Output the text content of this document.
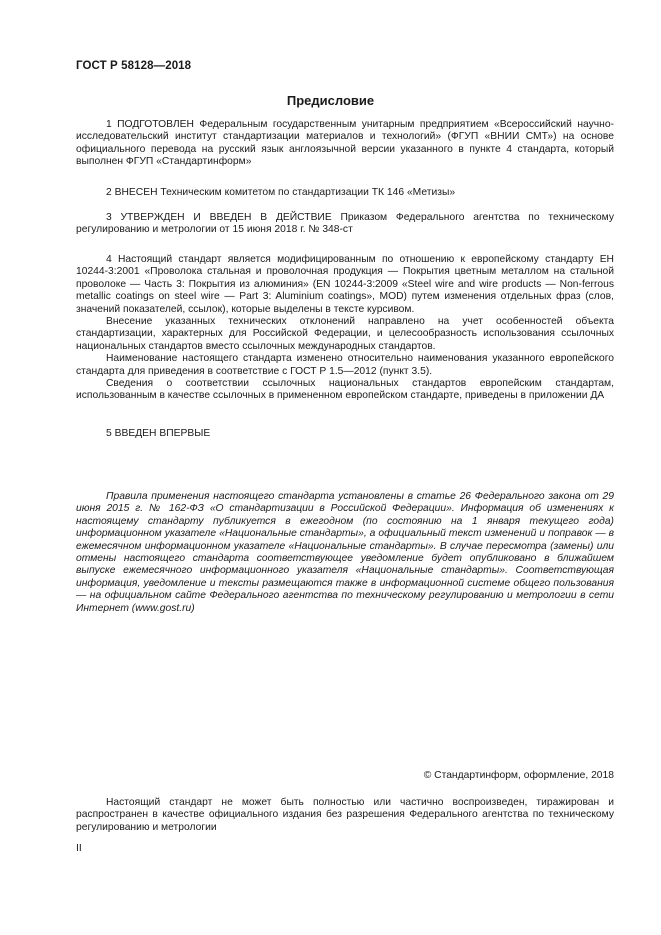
ГОСТ Р 58128—2018
Предисловие

1 ПОДГОТОВЛЕН Федеральным государственным унитарным предприятием «Всероссийский научно-исследовательский институт стандартизации материалов и технологий» (ФГУП «ВНИИ СМТ») на основе официального перевода на русский язык англоязычной версии указанного в пункте 4 стандарта, который выполнен ФГУП «Стандартинформ»

2 ВНЕСЕН Техническим комитетом по стандартизации ТК 146 «Метизы»

3 УТВЕРЖДЕН И ВВЕДЕН В ДЕЙСТВИЕ Приказом Федерального агентства по техническому регулированию и метрологии от 15 июня 2018 г. № 348-ст

4 Настоящий стандарт является модифицированным по отношению к европейскому стандарту ЕН 10244-3:2001 «Проволока стальная и проволочная продукция — Покрытия цветным металлом на стальной проволоке — Часть 3: Покрытия из алюминия» (EN 10244-3:2009 «Steel wire and wire products — Non-ferrous metallic coatings on steel wire — Part 3: Aluminium coatings», MOD) путем изменения отдельных фраз (слов, значений показателей, ссылок), которые выделены в тексте курсивом.

Внесение указанных технических отклонений направлено на учет особенностей объекта стандартизации, характерных для Российской Федерации, и целесообразность использования ссылочных национальных стандартов вместо ссылочных международных стандартов.

Наименование настоящего стандарта изменено относительно наименования указанного европейского стандарта для приведения в соответствие с ГОСТ Р 1.5—2012 (пункт 3.5).

Сведения о соответствии ссылочных национальных стандартов европейским стандартам, использованным в качестве ссылочных в примененном европейском стандарте, приведены в приложении ДА

5 ВВЕДЕН ВПЕРВЫЕ

Правила применения настоящего стандарта установлены в статье 26 Федерального закона от 29 июня 2015 г. № 162-ФЗ «О стандартизации в Российской Федерации». Информация об изменениях к настоящему стандарту публикуется в ежегодном (по состоянию на 1 января текущего года) информационном указателе «Национальные стандарты», а официальный текст изменений и поправок — в ежемесячном информационном указателе «Национальные стандарты». В случае пересмотра (замены) или отмены настоящего стандарта соответствующее уведомление будет опубликовано в ближайшем выпуске ежемесячного информационного указателя «Национальные стандарты». Соответствующая информация, уведомление и тексты размещаются также в информационной системе общего пользования — на официальном сайте Федерального агентства по техническому регулированию и метрологии в сети Интернет (www.gost.ru)

© Стандартинформ, оформление, 2018

Настоящий стандарт не может быть полностью или частично воспроизведен, тиражирован и распространен в качестве официального издания без разрешения Федерального агентства по техническому регулированию и метрологии

II
